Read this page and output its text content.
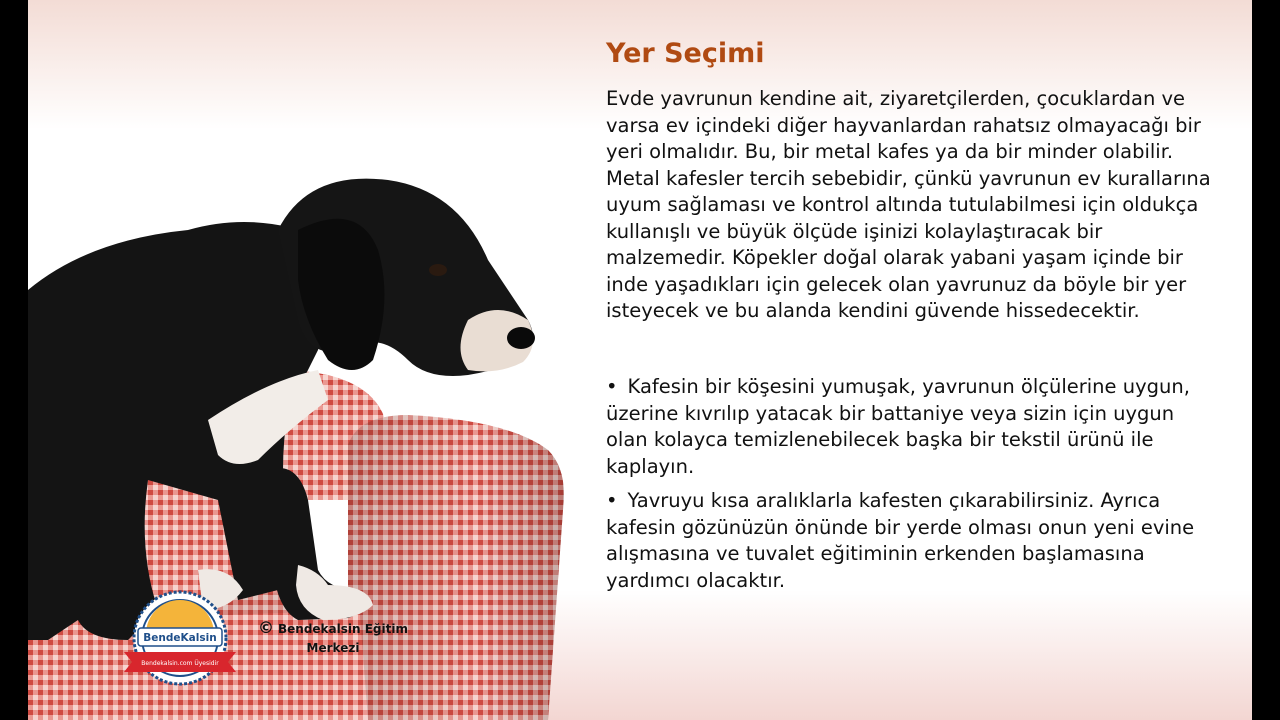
Yer Seçimi
Evde yavrunun kendine ait, ziyaretçilerden, çocuklardan ve varsa ev içindeki diğer hayvanlardan rahatsız olmayacağı bir yeri olmalıdır. Bu, bir metal kafes ya da bir minder olabilir. Metal kafesler tercih sebebidir, çünkü yavrunun ev kurallarına uyum sağlaması ve kontrol altında tutulabilmesi için oldukça kullanışlı ve büyük ölçüde işinizi kolaylaştıracak bir malzemedir. Köpekler doğal olarak yabani yaşam içinde bir inde yaşadıkları için gelecek olan yavrunuz da böyle bir yer isteyecek ve bu alanda kendini güvende hissedecektir.
• Kafesin bir köşesini yumuşak, yavrunun ölçülerine uygun, üzerine kıvrılıp yatacak bir battaniye veya sizin için uygun olan kolayca temizlenebilecek başka bir tekstil ürünü ile kaplayın.
• Yavruyu kısa aralıklarla kafesten çıkarabilirsiniz. Ayrıca kafesin gözünüzün önünde bir yerde olması onun yeni evine alışmasına ve tuvalet eğitiminin erkenden başlamasına yardımcı olacaktır.
BendeKalsin
Bendekalsin.com Üyesidir
© Bendekalsin Eğitim Merkezi
